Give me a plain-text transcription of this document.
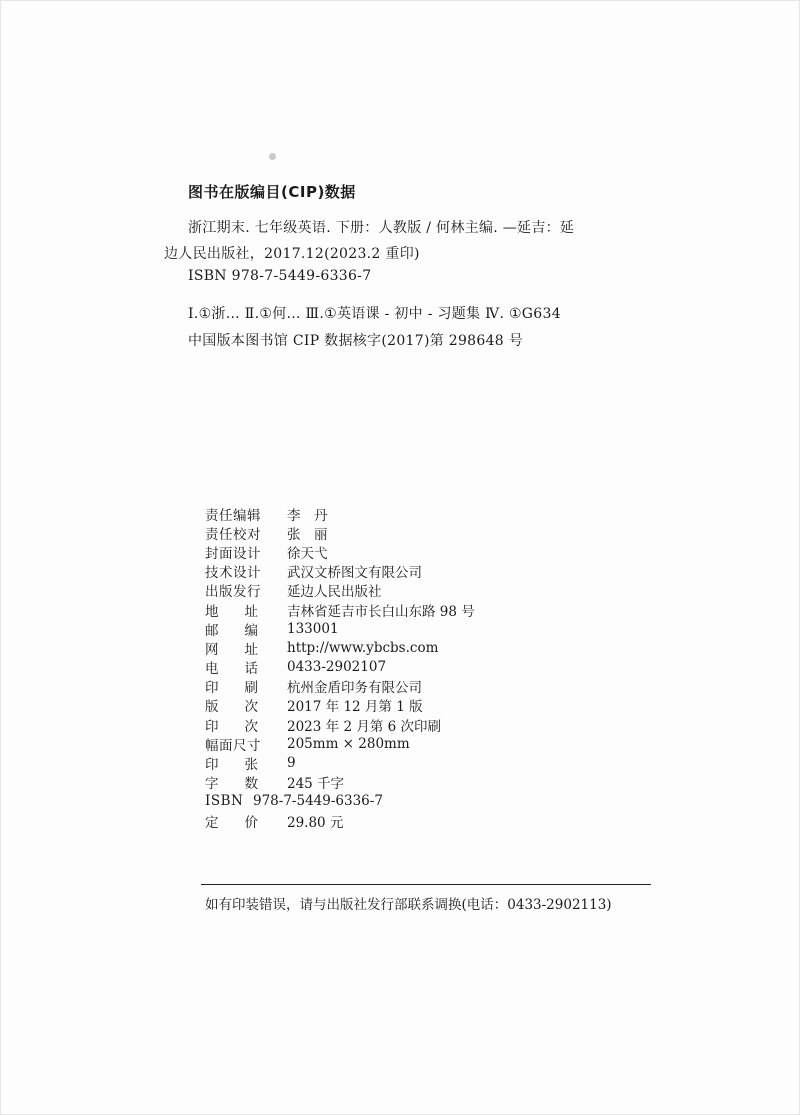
图书在版编目(CIP)数据
浙江期末. 七年级英语. 下册：人教版 / 何林主编. —延吉：延
边人民出版社，2017.12(2023.2 重印)
ISBN 978-7-5449-6336-7
Ⅰ.①浙… Ⅱ.①何… Ⅲ.①英语课 - 初中 - 习题集 Ⅳ. ①G634
中国版本图书馆 CIP 数据核字(2017)第 298648 号
责任编辑	李　丹
责任校对	张　丽
封面设计	徐天弋
技术设计	武汉文桥图文有限公司
出版发行	延边人民出版社
地址 吉林省延吉市长白山东路 98 号
邮编 133001
网址 http://www.ybcbs.com
电话 0433-2902107
印刷 杭州金盾印务有限公司
版次 2017 年 12 月第 1 版
印次 2023 年 2 月第 6 次印刷
幅面尺寸	205mm × 280mm
印张 9
字数 245 千字
ISBN 978-7-5449-6336-7
定价 29.80 元
如有印装错误，请与出版社发行部联系调换(电话：0433-2902113)
